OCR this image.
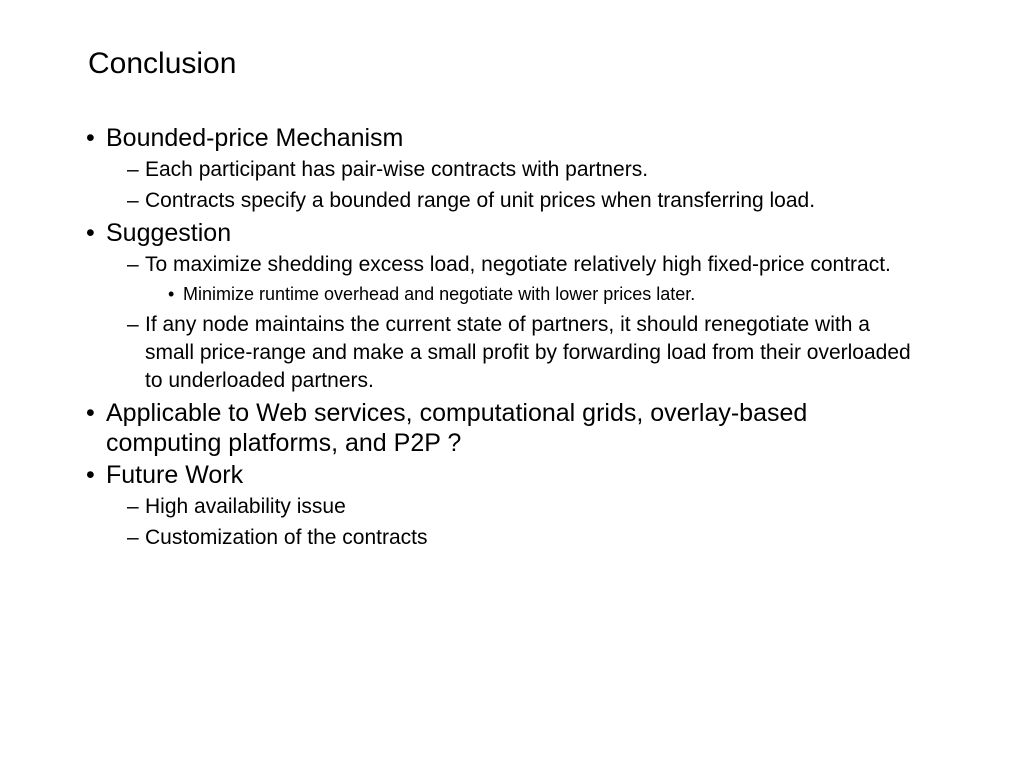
Conclusion
• Bounded-price Mechanism
– Each participant has pair-wise contracts with partners.
– Contracts specify a bounded range of unit prices when transferring load.
• Suggestion
– To maximize shedding excess load, negotiate relatively high fixed-price contract.
• Minimize runtime overhead and negotiate with lower prices later.
– If any node maintains the current state of partners, it should renegotiate with a small price-range and make a small profit by forwarding load from their overloaded to underloaded partners.
• Applicable to Web services, computational grids, overlay-based computing platforms, and P2P ?
• Future Work
– High availability issue
– Customization of the contracts
